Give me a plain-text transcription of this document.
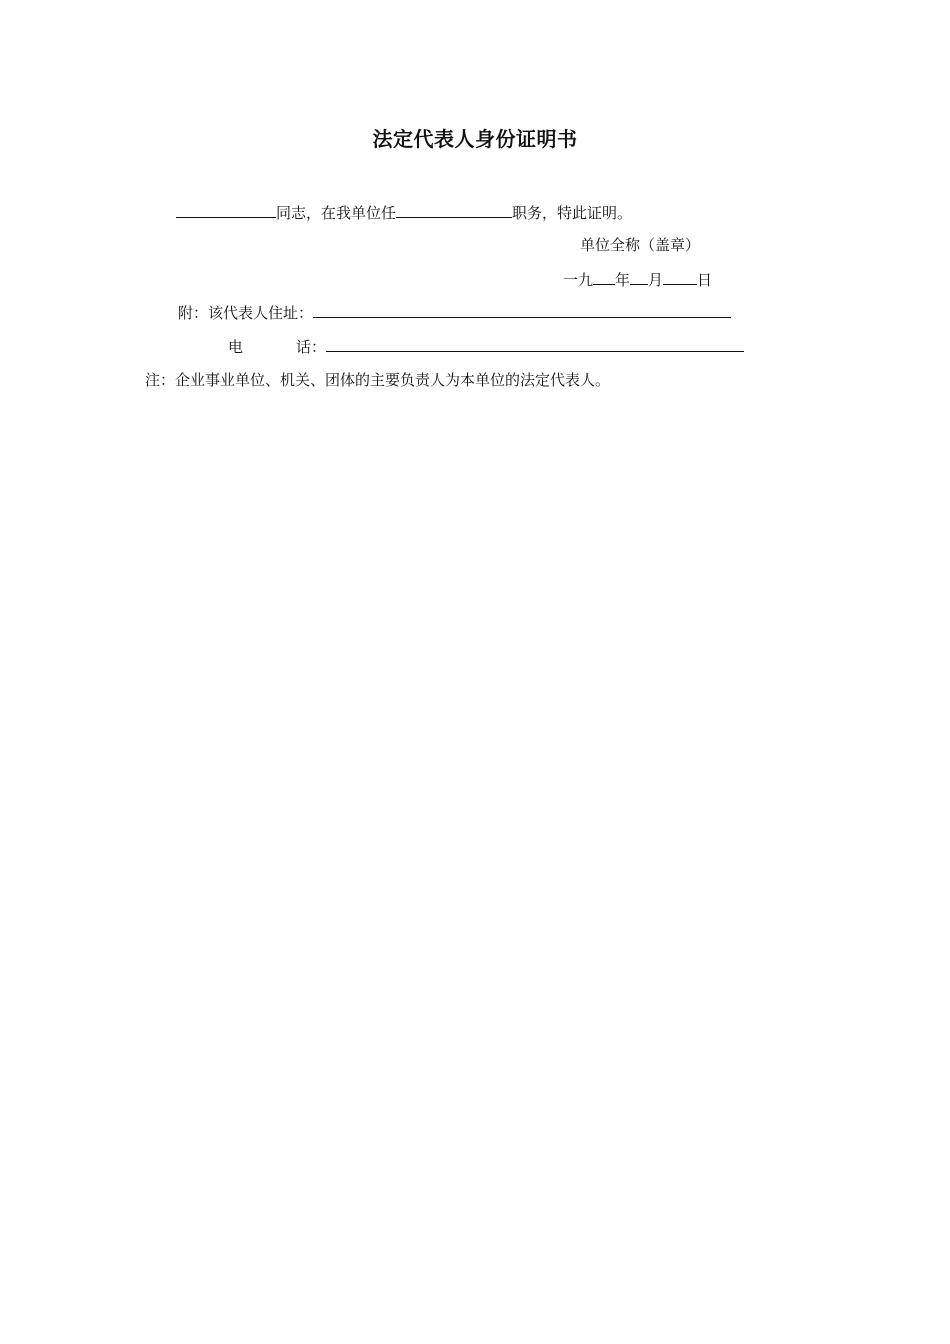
法定代表人身份证明书
同志，在我单位任	职务，特此证明。
单位全称（盖章）
一九 年 月 日
附：该代表人住址：
电	话：
注：企业事业单位、机关、团体的主要负责人为本单位的法定代表人。
